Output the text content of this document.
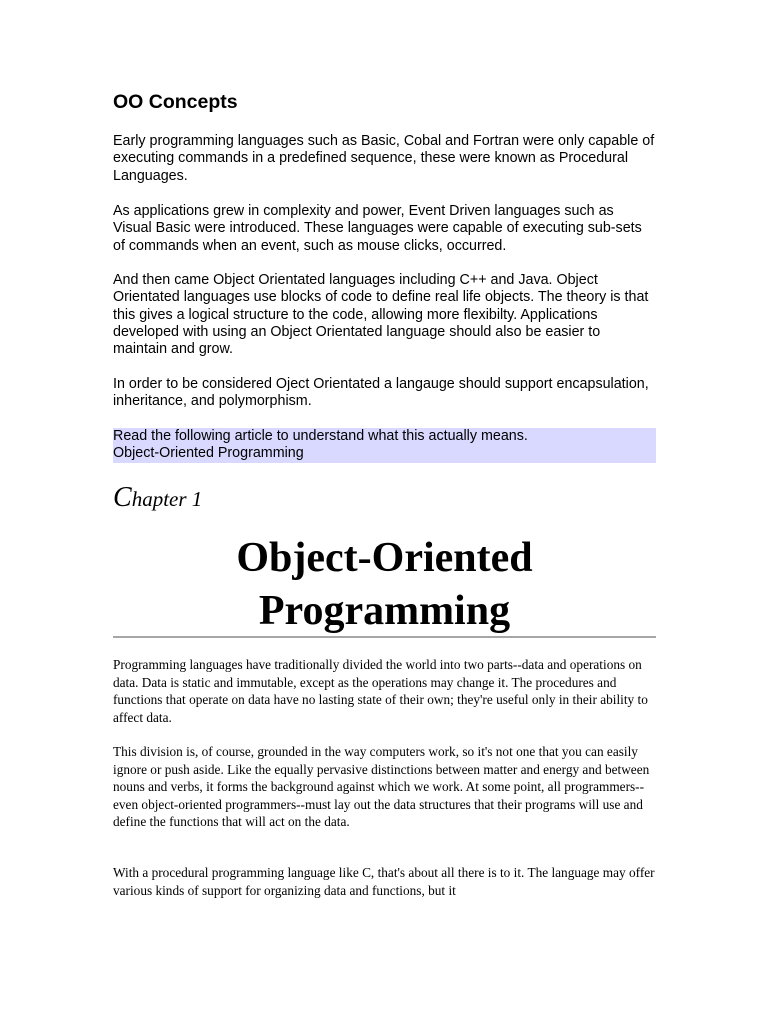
OO Concepts

Early programming languages such as Basic, Cobal and Fortran were only capable of executing commands in a predefined sequence, these were known as Procedural Languages.

As applications grew in complexity and power, Event Driven languages such as Visual Basic were introduced. These languages were capable of executing sub-sets of commands when an event, such as mouse clicks, occurred.

And then came Object Orientated languages including C++ and Java. Object Orientated languages use blocks of code to define real life objects. The theory is that this gives a logical structure to the code, allowing more flexibilty. Applications developed with using an Object Orientated language should also be easier to maintain and grow.

In order to be considered Oject Orientated a langauge should support encapsulation, inheritance, and polymorphism.

Read the following article to understand what this actually means.
Object-Oriented Programming
Chapter 1
Object-Oriented
Programming

Programming languages have traditionally divided the world into two parts--data and operations on data. Data is static and immutable, except as the operations may change it. The procedures and functions that operate on data have no lasting state of their own; they're useful only in their ability to affect data.

This division is, of course, grounded in the way computers work, so it's not one that you can easily ignore or push aside. Like the equally pervasive distinctions between matter and energy and between nouns and verbs, it forms the background against which we work. At some point, all programmers--even object-oriented programmers--must lay out the data structures that their programs will use and define the functions that will act on the data.

With a procedural programming language like C, that's about all there is to it. The language may offer various kinds of support for organizing data and functions, but it
